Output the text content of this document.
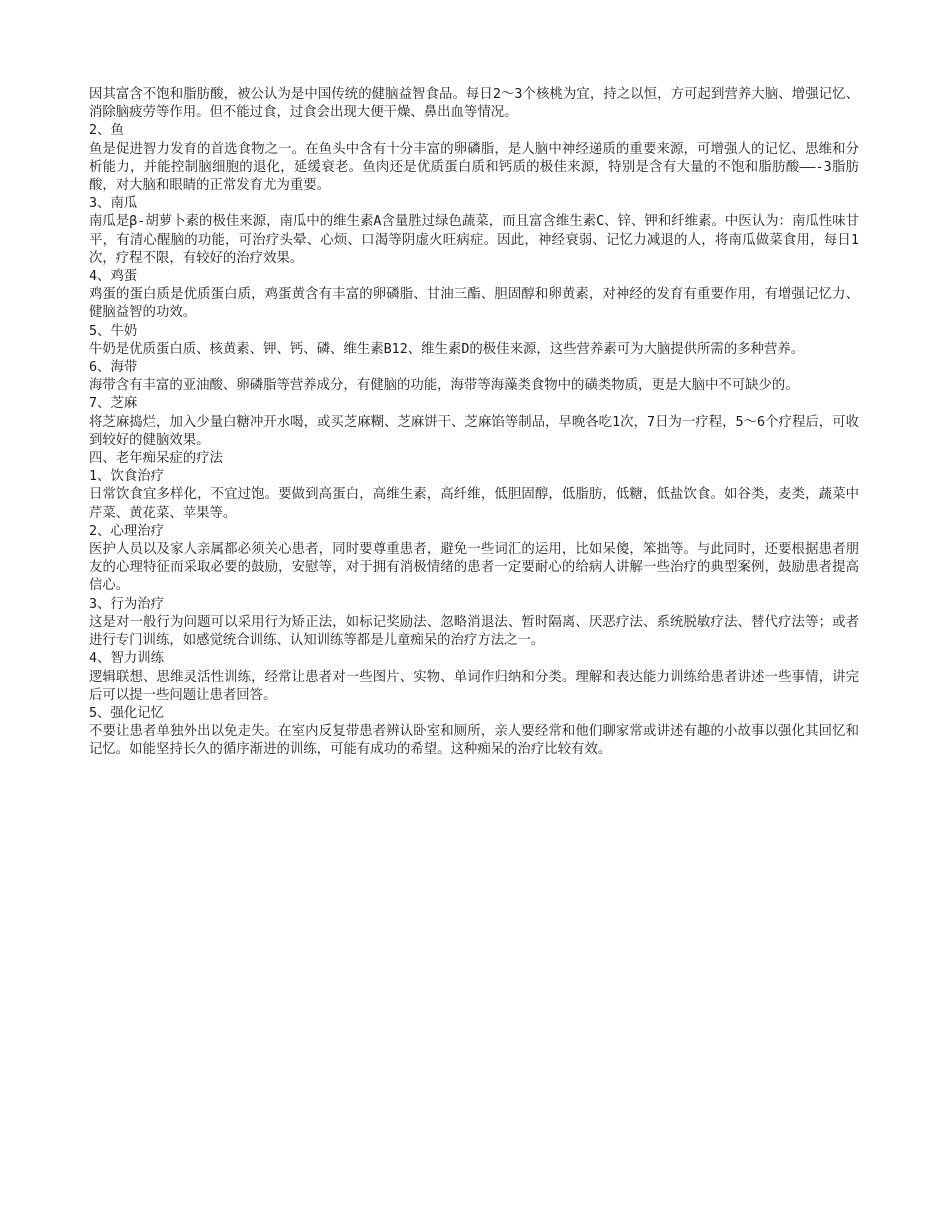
因其富含不饱和脂肪酸，被公认为是中国传统的健脑益智食品。每日2～3个核桃为宜，持之以恒，方可起到营养大脑、增强记忆、消除脑疲劳等作用。但不能过食，过食会出现大便干燥、鼻出血等情况。

2、鱼

鱼是促进智力发育的首选食物之一。在鱼头中含有十分丰富的卵磷脂，是人脑中神经递质的重要来源，可增强人的记忆、思维和分析能力，并能控制脑细胞的退化，延缓衰老。鱼肉还是优质蛋白质和钙质的极佳来源，特别是含有大量的不饱和脂肪酸——-3脂肪酸，对大脑和眼睛的正常发育尤为重要。

3、南瓜

南瓜是β-胡萝卜素的极佳来源，南瓜中的维生素A含量胜过绿色蔬菜，而且富含维生素C、锌、钾和纤维素。中医认为：南瓜性味甘平，有清心醒脑的功能，可治疗头晕、心烦、口渴等阴虚火旺病症。因此，神经衰弱、记忆力减退的人，将南瓜做菜食用，每日1次，疗程不限，有较好的治疗效果。

4、鸡蛋

鸡蛋的蛋白质是优质蛋白质，鸡蛋黄含有丰富的卵磷脂、甘油三酯、胆固醇和卵黄素，对神经的发育有重要作用，有增强记忆力、健脑益智的功效。

5、牛奶

牛奶是优质蛋白质、核黄素、钾、钙、磷、维生素B12、维生素D的极佳来源，这些营养素可为大脑提供所需的多种营养。

6、海带

海带含有丰富的亚油酸、卵磷脂等营养成分，有健脑的功能，海带等海藻类食物中的磺类物质，更是大脑中不可缺少的。

7、芝麻

将芝麻捣烂，加入少量白糖冲开水喝，或买芝麻糊、芝麻饼干、芝麻馅等制品，早晚各吃1次，7日为一疗程，5～6个疗程后，可收到较好的健脑效果。

四、老年痴呆症的疗法

1、饮食治疗

日常饮食宜多样化，不宜过饱。要做到高蛋白，高维生素，高纤维，低胆固醇，低脂肪，低糖，低盐饮食。如谷类，麦类，蔬菜中芹菜、黄花菜、苹果等。

2、心理治疗

医护人员以及家人亲属都必须关心患者，同时要尊重患者，避免一些词汇的运用，比如呆傻，笨拙等。与此同时，还要根据患者朋友的心理特征而采取必要的鼓励，安慰等，对于拥有消极情绪的患者一定要耐心的给病人讲解一些治疗的典型案例，鼓励患者提高信心。

3、行为治疗

这是对一般行为问题可以采用行为矫正法，如标记奖励法、忽略消退法、暂时隔离、厌恶疗法、系统脱敏疗法、替代疗法等；或者进行专门训练，如感觉统合训练、认知训练等都是儿童痴呆的治疗方法之一。

4、智力训练

逻辑联想、思维灵活性训练，经常让患者对一些图片、实物、单词作归纳和分类。理解和表达能力训练给患者讲述一些事情，讲完后可以提一些问题让患者回答。

5、强化记忆

不要让患者单独外出以免走失。在室内反复带患者辨认卧室和厕所，亲人要经常和他们聊家常或讲述有趣的小故事以强化其回忆和记忆。如能坚持长久的循序渐进的训练，可能有成功的希望。这种痴呆的治疗比较有效。
